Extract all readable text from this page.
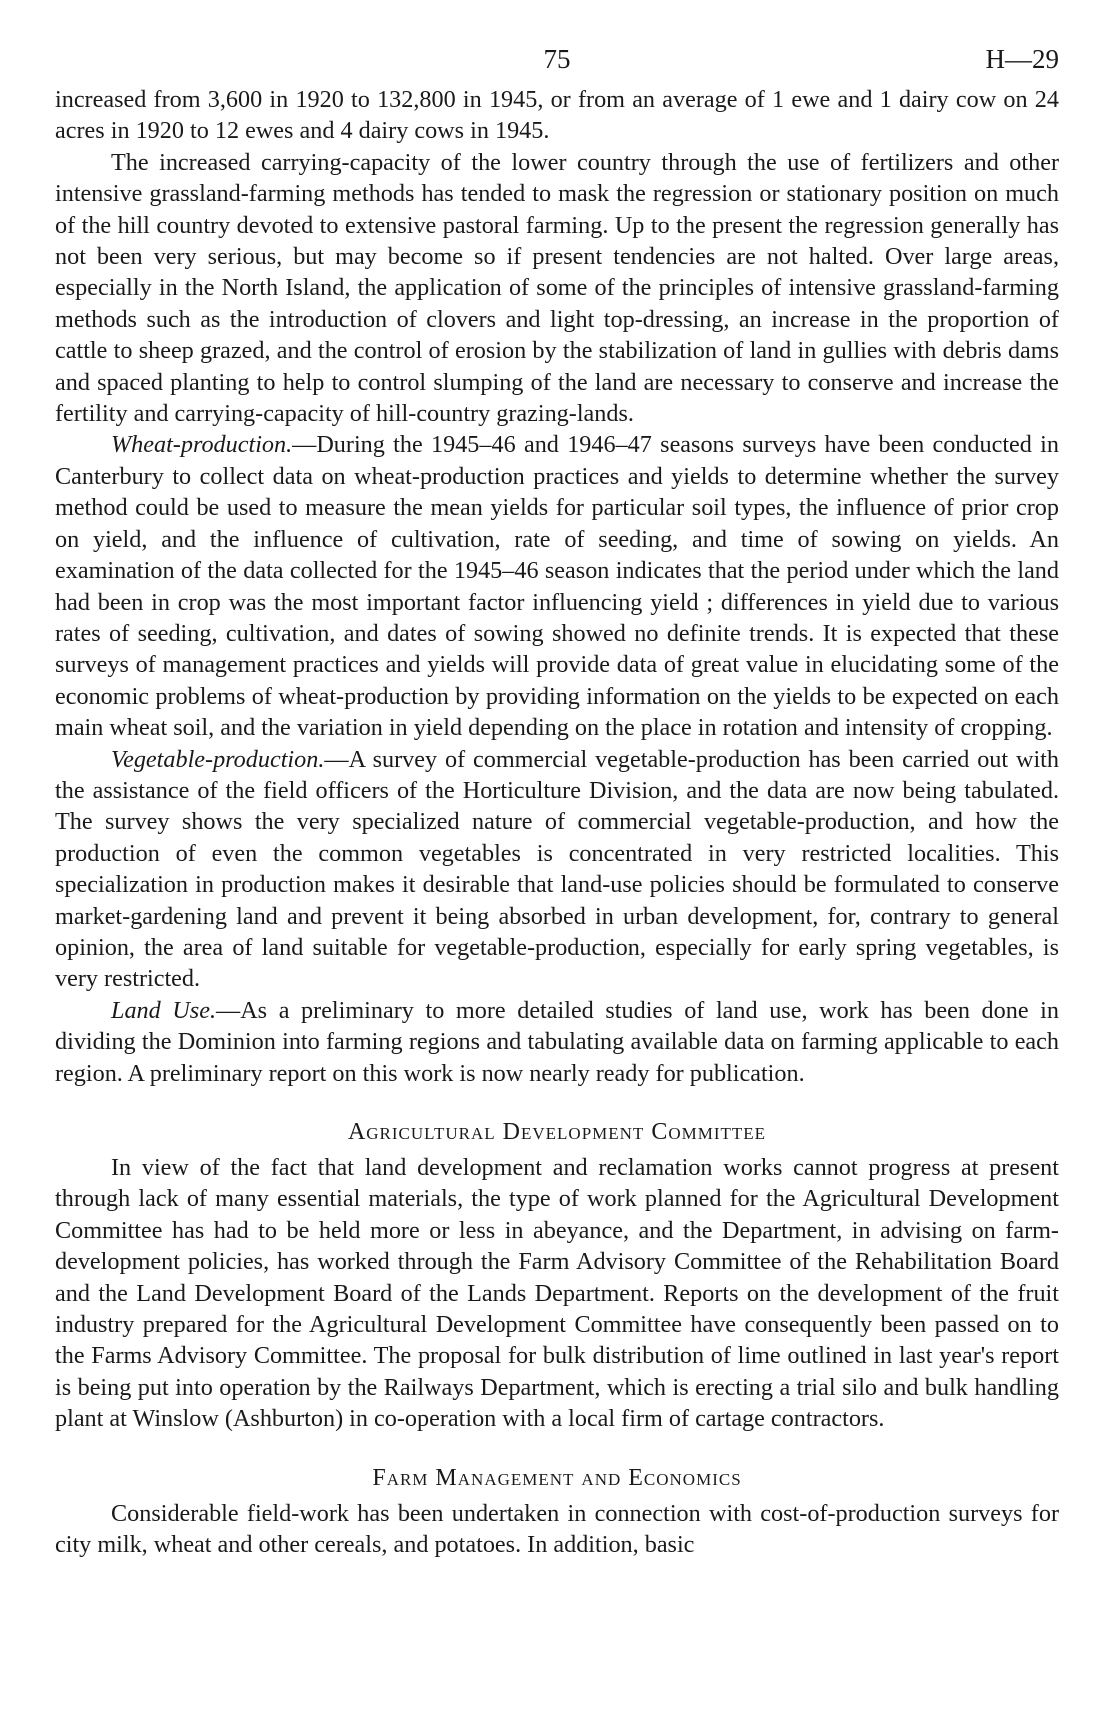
75	H—29

increased from 3,600 in 1920 to 132,800 in 1945, or from an average of 1 ewe and 1 dairy cow on 24 acres in 1920 to 12 ewes and 4 dairy cows in 1945.

The increased carrying-capacity of the lower country through the use of fertilizers and other intensive grassland-farming methods has tended to mask the regression or stationary position on much of the hill country devoted to extensive pastoral farming. Up to the present the regression generally has not been very serious, but may become so if present tendencies are not halted. Over large areas, especially in the North Island, the application of some of the principles of intensive grassland-farming methods such as the introduction of clovers and light top-dressing, an increase in the proportion of cattle to sheep grazed, and the control of erosion by the stabilization of land in gullies with debris dams and spaced planting to help to control slumping of the land are necessary to conserve and increase the fertility and carrying-capacity of hill-country grazing-lands.

Wheat-production.—During the 1945–46 and 1946–47 seasons surveys have been conducted in Canterbury to collect data on wheat-production practices and yields to determine whether the survey method could be used to measure the mean yields for particular soil types, the influence of prior crop on yield, and the influence of cultivation, rate of seeding, and time of sowing on yields. An examination of the data collected for the 1945–46 season indicates that the period under which the land had been in crop was the most important factor influencing yield ; differences in yield due to various rates of seeding, cultivation, and dates of sowing showed no definite trends. It is expected that these surveys of management practices and yields will provide data of great value in elucidating some of the economic problems of wheat-production by providing information on the yields to be expected on each main wheat soil, and the variation in yield depending on the place in rotation and intensity of cropping.

Vegetable-production.—A survey of commercial vegetable-production has been carried out with the assistance of the field officers of the Horticulture Division, and the data are now being tabulated. The survey shows the very specialized nature of commercial vegetable-production, and how the production of even the common vegetables is concentrated in very restricted localities. This specialization in production makes it desirable that land-use policies should be formulated to conserve market-gardening land and prevent it being absorbed in urban development, for, contrary to general opinion, the area of land suitable for vegetable-production, especially for early spring vegetables, is very restricted.

Land Use.—As a preliminary to more detailed studies of land use, work has been done in dividing the Dominion into farming regions and tabulating available data on farming applicable to each region. A preliminary report on this work is now nearly ready for publication.

Agricultural Development Committee

In view of the fact that land development and reclamation works cannot progress at present through lack of many essential materials, the type of work planned for the Agricultural Development Committee has had to be held more or less in abeyance, and the Department, in advising on farm-development policies, has worked through the Farm Advisory Committee of the Rehabilitation Board and the Land Development Board of the Lands Department. Reports on the development of the fruit industry prepared for the Agricultural Development Committee have consequently been passed on to the Farms Advisory Committee. The proposal for bulk distribution of lime outlined in last year's report is being put into operation by the Railways Department, which is erecting a trial silo and bulk handling plant at Winslow (Ashburton) in co-operation with a local firm of cartage contractors.

Farm Management and Economics

Considerable field-work has been undertaken in connection with cost-of-production surveys for city milk, wheat and other cereals, and potatoes. In addition, basic
